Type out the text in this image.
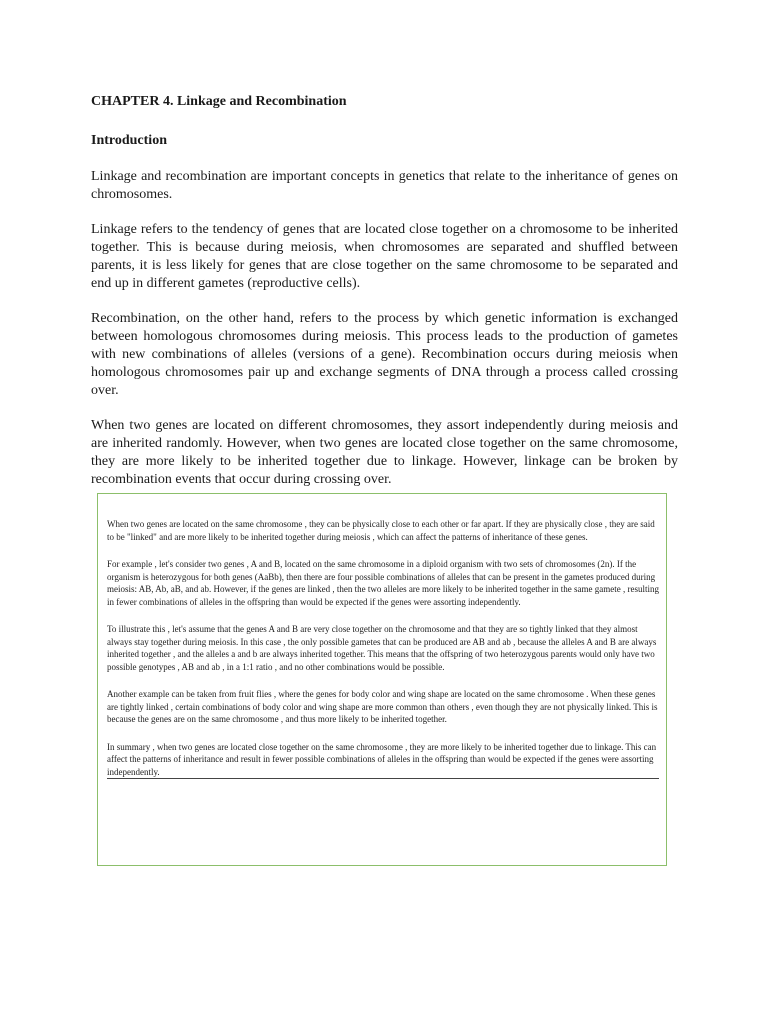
CHAPTER 4. Linkage and Recombination
Introduction

Linkage and recombination are important concepts in genetics that relate to the inheritance of genes on chromosomes.

Linkage refers to the tendency of genes that are located close together on a chromosome to be inherited together. This is because during meiosis, when chromosomes are separated and shuffled between parents, it is less likely for genes that are close together on the same chromosome to be separated and end up in different gametes (reproductive cells).

Recombination, on the other hand, refers to the process by which genetic information is exchanged between homologous chromosomes during meiosis. This process leads to the production of gametes with new combinations of alleles (versions of a gene). Recombination occurs during meiosis when homologous chromosomes pair up and exchange segments of DNA through a process called crossing over.

When two genes are located on different chromosomes, they assort independently during meiosis and are inherited randomly. However, when two genes are located close together on the same chromosome, they are more likely to be inherited together due to linkage. However, linkage can be broken by recombination events that occur during crossing over.

When two genes are located on the same chromosome , they can be physically close to each other or far apart. If they are physically close , they are said to be "linked" and are more likely to be inherited together during meiosis , which can affect the patterns of inheritance of these genes.

For example , let's consider two genes , A and B, located on the same chromosome in a diploid organism with two sets of chromosomes (2n). If the organism is heterozygous for both genes (AaBb), then there are four possible combinations of alleles that can be present in the gametes produced during meiosis: AB, Ab, aB, and ab. However, if the genes are linked , then the two alleles are more likely to be inherited together in the same gamete , resulting in fewer combinations of alleles in the offspring than would be expected if the genes were assorting independently.

To illustrate this , let's assume that the genes A and B are very close together on the chromosome and that they are so tightly linked that they almost always stay together during meiosis. In this case , the only possible gametes that can be produced are AB and ab , because the alleles A and B are always inherited together , and the alleles a and b are always inherited together. This means that the offspring of two heterozygous parents would only have two possible genotypes , AB and ab , in a 1:1 ratio , and no other combinations would be possible.

Another example can be taken from fruit flies , where the genes for body color and wing shape are located on the same chromosome . When these genes are tightly linked , certain combinations of body color and wing shape are more common than others , even though they are not physically linked. This is because the genes are on the same chromosome , and thus more likely to be inherited together.

In summary , when two genes are located close together on the same chromosome , they are more likely to be inherited together due to linkage. This can affect the patterns of inheritance and result in fewer possible combinations of alleles in the offspring than would be expected if the genes were assorting independently.
